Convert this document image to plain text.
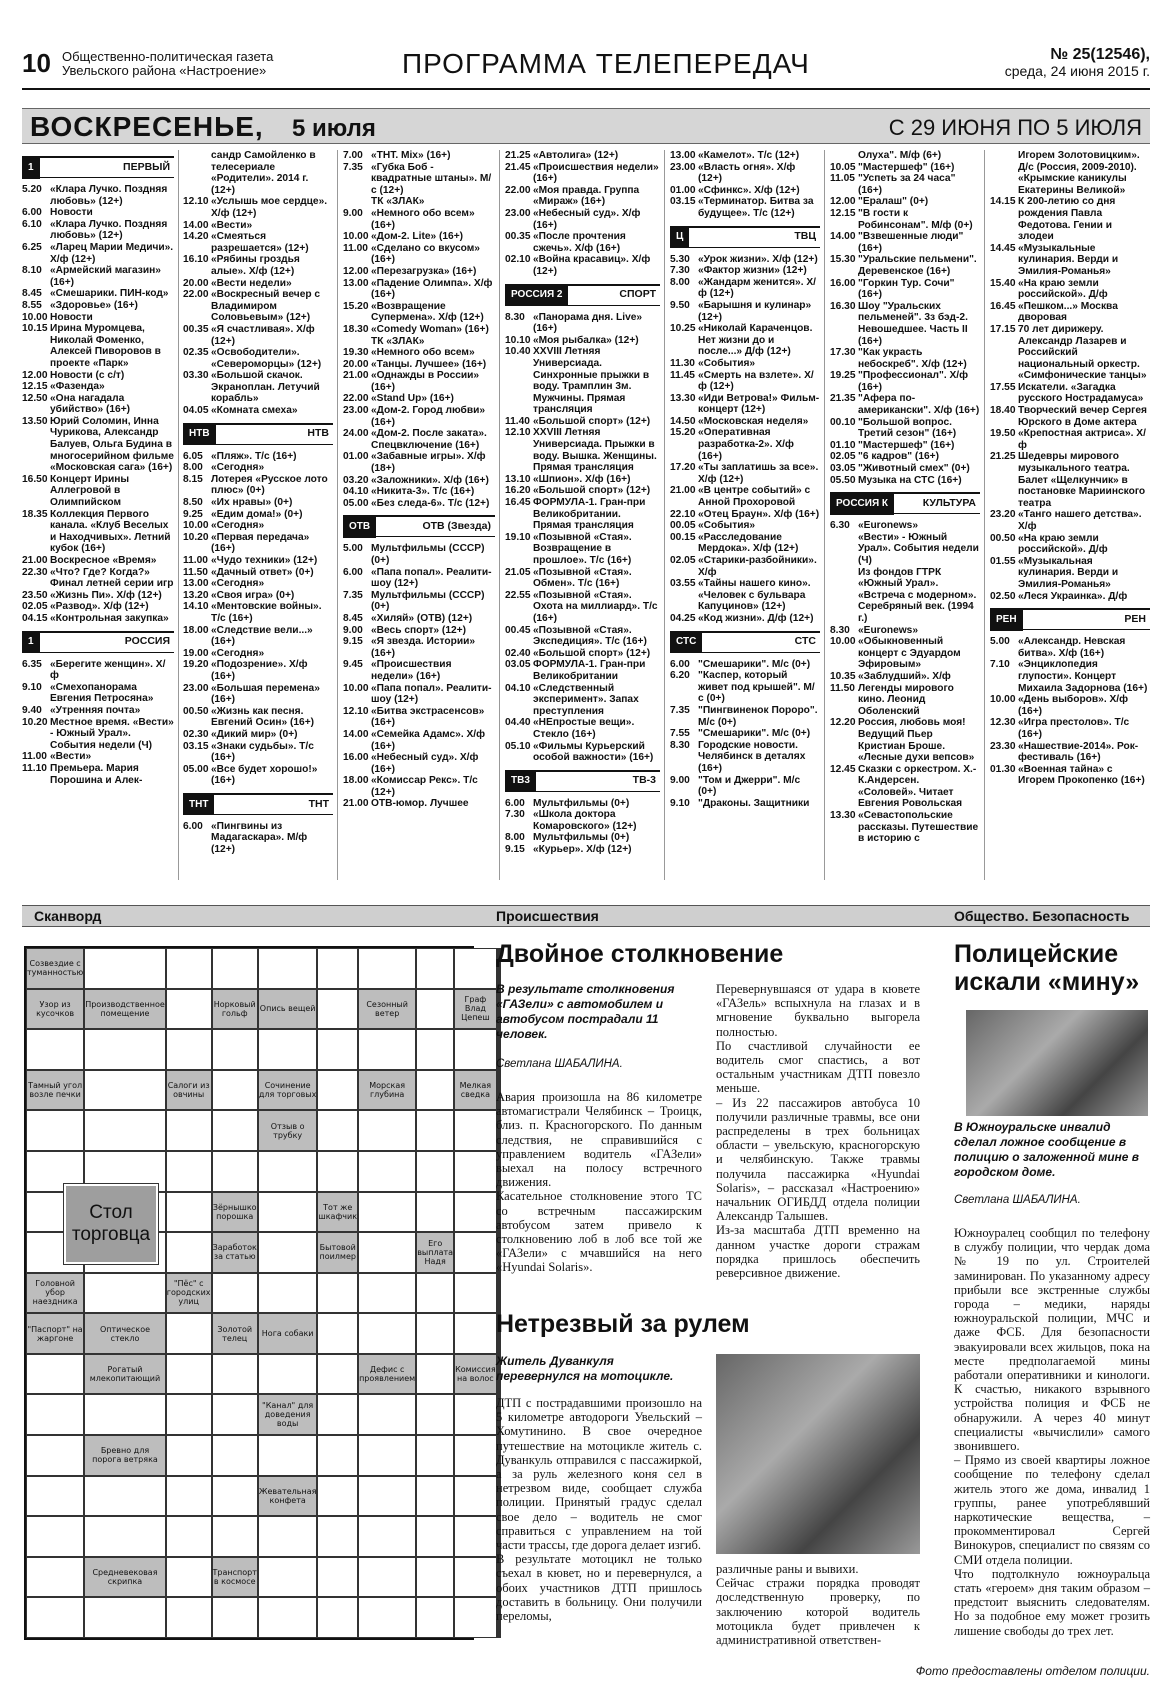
10 Общественно-политическая газета
Увельского района «Настроение»	ПРОГРАММА ТЕЛЕПЕРЕДАЧ	№ 25(12546),
среда, 24 июня 2015 г.
ВОСКРЕСЕНЬЕ, 5 июля	С 29 ИЮНЯ ПО 5 ИЮЛЯ
1	ПЕРВЫЙ
5.20 «Клара Лучко. Поздняя любовь» (12+)
6.00 Новости
6.10 «Клара Лучко. Поздняя любовь» (12+)
6.25 «Ларец Марии Медичи». Х/ф (12+)
8.10 «Армейский магазин» (16+)
8.45 «Смешарики. ПИН-код»
8.55 «Здоровье» (16+)
10.00 Новости
10.15 Ирина Муромцева, Николай Фоменко, Алексей Пиворовов в проекте «Парк»
12.00 Новости (с с/т)
12.15 «Фазенда»
12.50 «Она нагадала убийство» (16+)
13.50 Юрий Соломин, Инна Чурикова, Александр Балуев, Ольга Будина в многосерийном фильме «Московская сага» (16+)
16.50 Концерт Ирины Аллегровой в Олимпийском
18.35 Коллекция Первого канала. «Клуб Веселых и Находчивых». Летний кубок (16+)
21.00 Воскресное «Время»
22.30 «Что? Где? Когда?» Финал летней серии игр
23.50 «Жизнь Пи». Х/ф (12+)
02.05 «Развод». Х/ф (12+)
04.15 «Контрольная закупка»
1	РОССИЯ
6.35 «Берегите женщин». Х/ф
9.10 «Смехопанорама Евгения Петросяна»
9.40 «Утренняя почта»
10.20 Местное время. «Вести» - Южный Урал». События недели (Ч)
11.00 «Вести»
11.10 Премьера. Мария Порошина и Алек-
сандр Самойленко в телесериале «Родители». 2014 г. (12+)
12.10 «Услышь мое сердце». Х/ф (12+)
14.00 «Вести»
14.20 «Смеяться разрешается» (12+)
16.10 «Рябины гроздья алые». Х/ф (12+)
20.00 «Вести недели»
22.00 «Воскресный вечер с Владимиром Соловьевым» (12+)
00.35 «Я счастливая». Х/ф (12+)
02.35 «Освободители». «Североморцы» (12+)
03.30 «Большой скачок. Экраноплан. Летучий корабль»
04.05 «Комната смеха»
НТВ	НТВ
6.05 «Пляж». Т/с (16+)
8.00 «Сегодня»
8.15 Лотерея «Русское лото плюс» (0+)
8.50 «Их нравы» (0+)
9.25 «Едим дома!» (0+)
10.00 «Сегодня»
10.20 «Первая передача» (16+)
11.00 «Чудо техники» (12+)
11.50 «Дачный ответ» (0+)
13.00 «Сегодня»
13.20 «Своя игра» (0+)
14.10 «Ментовские войны». Т/с (16+)
18.00 «Следствие вели...» (16+)
19.00 «Сегодня»
19.20 «Подозрение». Х/ф (16+)
23.00 «Большая перемена» (16+)
00.50 «Жизнь как песня. Евгений Осин» (16+)
02.30 «Дикий мир» (0+)
03.15 «Знаки судьбы». Т/с (16+)
05.00 «Все будет хорошо!» (16+)
ТНТ	ТНТ
6.00 «Пингвины из Мадагаскара». М/ф (12+)
7.00 «ТНТ. Mix» (16+)
7.35 «Губка Боб - квадратные штаны». М/с (12+)
ТК «ЗЛАК»
9.00 «Немного обо всем» (16+)
10.00 «Дом-2. Lite» (16+)
11.00 «Сделано со вкусом» (16+)
12.00 «Перезагрузка» (16+)
13.00 «Падение Олимпа». Х/ф (16+)
15.20 «Возвращение Супермена». Х/ф (12+)
18.30 «Comedy Woman» (16+)
ТК «ЗЛАК»
19.30 «Немного обо всем»
20.00 «Танцы. Лучшее» (16+)
21.00 «Однажды в России» (16+)
22.00 «Stand Up» (16+)
23.00 «Дом-2. Город любви» (16+)
24.00 «Дом-2. После заката». Спецвключение (16+)
01.00 «Забавные игры». Х/ф (18+)
03.20 «Заложники». Х/ф (16+)
04.10 «Никита-3». Т/с (16+)
05.00 «Без следа-6». Т/с (12+)
ОТВ	ОТВ (Звезда)
5.00 Мультфильмы (СССР) (0+)
6.00 «Папа попал». Реалити-шоу (12+)
7.35 Мультфильмы (СССР) (0+)
8.45 «Хиляй» (ОТВ) (12+)
9.00 «Весь спорт» (12+)
9.15 «Я звезда. Истории» (16+)
9.45 «Происшествия недели» (16+)
10.00 «Папа попал». Реалити-шоу (12+)
12.10 «Битва экстрасенсов» (16+)
14.00 «Семейка Адамс». Х/ф (16+)
16.00 «Небесный суд». Х/ф (16+)
18.00 «Комиссар Рекс». Т/с (12+)
21.00 ОТВ-юмор. Лучшее
21.25 «Автолига» (12+)
21.45 «Происшествия недели» (16+)
22.00 «Моя правда. Группа «Мираж» (16+)
23.00 «Небесный суд». Х/ф (16+)
00.35 «После прочтения сжечь». Х/ф (16+)
02.10 «Война красавиц». Х/ф (12+)
РОССИЯ 2	СПОРТ
8.30 «Панорама дня. Live» (16+)
10.10 «Моя рыбалка» (12+)
10.40 XXVIII Летняя Универсиада. Синхронные прыжки в воду. Трамплин 3м. Мужчины. Прямая трансляция
11.40 «Большой спорт» (12+)
12.10 XXVIII Летняя Универсиада. Прыжки в воду. Вышка. Женщины. Прямая трансляция
13.10 «Шпион». Х/ф (16+)
16.20 «Большой спорт» (12+)
16.45 ФОРМУЛА-1. Гран-при Великобритании. Прямая трансляция
19.10 «Позывной «Стая». Возвращение в прошлое». Т/с (16+)
21.05 «Позывной «Стая». Обмен». Т/с (16+)
22.55 «Позывной «Стая». Охота на миллиард». Т/с (16+)
00.45 «Позывной «Стая». Экспедиция». Т/с (16+)
02.40 «Большой спорт» (12+)
03.05 ФОРМУЛА-1. Гран-при Великобритании
04.10 «Следственный эксперимент». Запах преступления
04.40 «НЕпростые вещи». Стекло (16+)
05.10 «Фильмы Курьерский особой важности» (16+)
ТВ3	ТВ-3
6.00 Мультфильмы (0+)
7.30 «Школа доктора Комаровского» (12+)
8.00 Мультфильмы (0+)
9.15 «Курьер». Х/ф (12+)
13.00 «Камелот». Т/с (12+)
23.00 «Власть огня». Х/ф (12+)
01.00 «Сфинкс». Х/ф (12+)
03.15 «Терминатор. Битва за будущее». Т/с (12+)
Ц	ТВЦ
5.30 «Урок жизни». Х/ф (12+)
7.30 «Фактор жизни» (12+)
8.00 «Жандарм женится». Х/ф (12+)
9.50 «Барышня и кулинар» (12+)
10.25 «Николай Караченцов. Нет жизни до и после...» Д/ф (12+)
11.30 «События»
11.45 «Смерть на взлете». Х/ф (12+)
13.30 «Иди Ветрова!» Фильм-концерт (12+)
14.50 «Московская неделя»
15.20 «Оперативная разработка-2». Х/ф (16+)
17.20 «Ты заплатишь за все». Х/ф (12+)
21.00 «В центре событий» с Анной Прохоровой
22.10 «Отец Браун». Х/ф (16+)
00.05 «События»
00.15 «Расследование Мердока». Х/ф (12+)
02.05 «Старики-разбойники». Х/ф
03.55 «Тайны нашего кино». «Человек с бульвара Капуцинов» (12+)
04.25 «Код жизни». Д/ф (12+)
СТС	СТС
6.00 "Смешарики". М/с (0+)
6.20 "Каспер, который живет под крышей". М/с (0+)
7.35 "Пингвиненок Пороро". М/с (0+)
7.55 "Смешарики". М/с (0+)
8.30 Городские новости. Челябинск в деталях (16+)
9.00 "Том и Джерри". М/с (0+)
9.10 "Драконы. Защитники
Олуха". М/ф (6+)
10.05 "Мастершеф" (16+)
11.05 "Успеть за 24 часа" (16+)
12.00 "Ералаш" (0+)
12.15 "В гости к Робинсонам". М/ф (0+)
14.00 "Взвешенные люди" (16+)
15.30 "Уральские пельмени". Деревенское (16+)
16.00 "Горкин Тур. Сочи" (16+)
16.30 Шоу "Уральских пельменей". 3з бэд-2. Невошедшее. Часть II (16+)
17.30 "Как украсть небоскреб". Х/ф (12+)
19.25 "Профессионал". Х/ф (16+)
21.35 "Афера по-американски". Х/ф (16+)
00.10 "Большой вопрос. Третий сезон" (16+)
01.10 "Мастершеф" (16+)
02.05 "6 кадров" (16+)
03.05 "Животный смех" (0+)
05.50 Музыка на СТС (16+)
РОССИЯ К	КУЛЬТУРА
6.30 «Euronews»
«Вести» - Южный Урал». События недели (Ч)
Из фондов ГТРК «Южный Урал». «Встреча с модерном». Серебряный век. (1994 г.)
8.30 «Euronews»
10.00 «Обыкновенный концерт с Эдуардом Эфировым»
10.35 «Заблудший». Х/ф
11.50 Легенды мирового кино. Леонид Оболенский
12.20 Россия, любовь моя! Ведущий Пьер Кристиан Броше. «Лесные духи вепсов»
12.45 Сказки с оркестром. Х.-К.Андерсен. «Соловей». Читает Евгения Ровольская
13.30 «Севастопольские рассказы. Путешествие в историю с
Игорем Золотовицким». Д/с (Россия, 2009-2010). «Крымские каникулы Екатерины Великой»
14.15 К 200-летию со дня рождения Павла Федотова. Гении и злодеи
14.45 «Музыкальные кулинария. Верди и Эмилия-Романья»
15.40 «На краю земли российской». Д/ф
16.45 «Пешком...» Москва дворовая
17.15 70 лет дирижеру. Александр Лазарев и Российский национальный оркестр. «Симфонические танцы»
17.55 Искатели. «Загадка русского Нострадамуса»
18.40 Творческий вечер Сергея Юрского в Доме актера
19.50 «Крепостная актриса». Х/ф
21.25 Шедевры мирового музыкального театра. Балет «Щелкунчик» в постановке Мариинского театра
23.20 «Танго нашего детства». Х/ф
00.50 «На краю земли российской». Д/ф
01.55 «Музыкальная кулинария. Верди и Эмилия-Романья»
02.50 «Леся Украинка». Д/ф
РЕН	РЕН
5.00 «Александр. Невская битва». Х/ф (16+)
7.10 «Энциклопедия глупости». Концерт Михаила Задорнова (16+)
10.00 «День выборов». Х/ф (16+)
12.30 «Игра престолов». Т/с (16+)
23.30 «Нашествие-2014». Рок-фестиваль (16+)
01.30 «Военная тайна» с Игорем Прокопенко (16+)
Сканворд	Происшествия	Общество. Безопасность
Созвездие с туманностью
Узор из кусочков
Производственное помещение
Норковый гольф	Опись вещей	Сезонный ветер
Граф Влад Цепеш
Тамный угол возле печки
Салоги из овчины
Сочинение для торговых
Морская глубина
Мелкая сведка
Отзыв о трубку
Зёрнышко порошка
Тот же шкафчик
Заработок за статью
Бытовой поилмер
Его выплата Надя
Головной убор наездника
"Пёс" с городских улиц
"Паспорт" на жаргоне
Оптическое стекло
Золотой телец	Нога собаки
Рогатый млекопитающий
Дефис с проявлением
Комиссия на волос
"Канал" для доведения воды
Бревно для порога ветряка
Жевательная конфета
Средневековая скрипка
Транспорт в космосе
Стол торговца
Двойное столкновение
В результате столкновения «ГАЗели» с автомобилем и автобусом пострадали 11 человек.
Светлана ШАБАЛИНА.
Авария произошла на 86 километре автомагистрали Челябинск – Троицк, близ. п. Красногорского. По данным следствия, не справившийся с управлением водитель «ГАЗели» выехал на полосу встречного движения.
Касательное столкновение этого ТС со встречным пассажирским автобусом затем привело к столкновению лоб в лоб все той же «ГАЗели» с мчавшийся на него «Hyundai Solaris».
Перевернувшаяся от удара в кювете «ГАЗель» вспыхнула на глазах и в мгновение буквально выгорела полностью.
По счастливой случайности ее водитель смог спастись, а вот остальным участникам ДТП повезло меньше.
– Из 22 пассажиров автобуса 10 получили различные травмы, все они распределены в трех больницах области – увельскую, красногорскую и челябинскую. Также травмы получила пассажирка «Hyundai Solaris», – рассказал «Настроению» начальник ОГИБДД отдела полиции Александр Талышев.
Из-за масштаба ДТП временно на данном участке дороги стражам порядка пришлось обеспечить реверсивное движение.
Нетрезвый за рулем
Житель Дуванкуля перевернулся на мотоцикле.
ДТП с пострадавшими произошло на 5 километре автодороги Увельский – Хомутинино. В свое очередное путешествие на мотоцикле житель с. Дуванкуль отправился с пассажиркой, а за руль железного коня сел в нетрезвом виде, сообщает служба полиции. Принятый градус сделал свое дело – водитель не смог справиться с управлением на той части трассы, где дорога делает изгиб.
В результате мотоцикл не только съехал в кювет, но и перевернулся, а обоих участников ДТП пришлось доставить в больницу. Они получили переломы,
различные раны и вывихи.
Сейчас стражи порядка проводят доследственную проверку, по заключению которой водитель мотоцикла будет привлечен к административной ответствен-
Полицейские искали «мину»
В Южноуральске инвалид сделал ложное сообщение в полицию о заложенной мине в городском доме.
Светлана ШАБАЛИНА.
Южноуралец сообщил по телефону в службу полиции, что чердак дома № 19 по ул. Строителей заминирован. По указанному адресу прибыли все экстренные службы города – медики, наряды южноуральской полиции, МЧС и даже ФСБ. Для безопасности эвакуировали всех жильцов, пока на месте предполагаемой мины работали оперативники и кинологи. К счастью, никакого взрывного устройства полиция и ФСБ не обнаружили. А через 40 минут специалисты «вычислили» самого звонившего.
– Прямо из своей квартиры ложное сообщение по телефону сделал житель этого же дома, инвалид 1 группы, ранее употреблявший наркотические вещества, – прокомментировал Сергей Винокуров, специалист по связям со СМИ отдела полиции.
Что подтолкнуло южноуральца стать «героем» дня таким образом – предстоит выяснить следователям. Но за подобное ему может грозить лишение свободы до трех лет.
Фото предоставлены отделом полиции.
